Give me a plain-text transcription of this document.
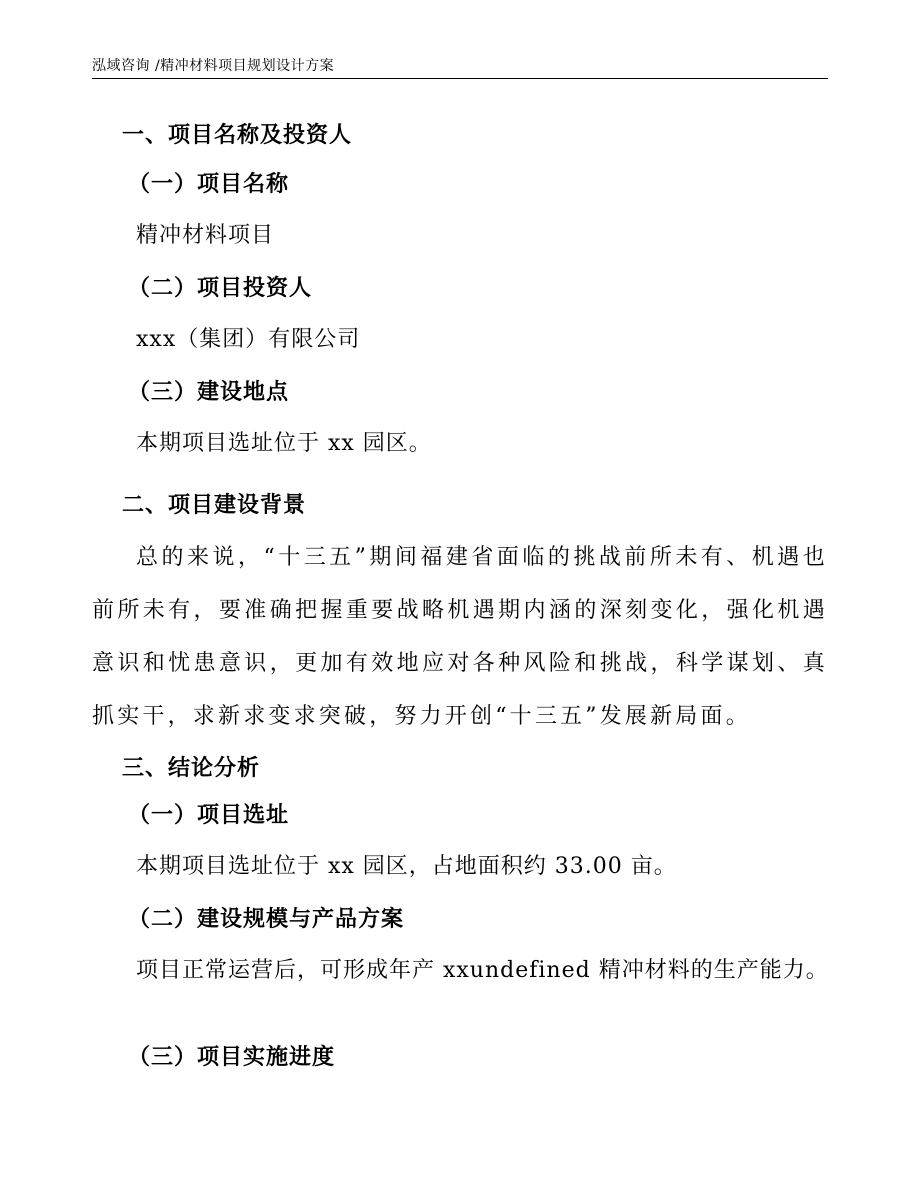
泓域咨询 /精冲材料项目规划设计方案
一、项目名称及投资人
（一）项目名称

精冲材料项目

（二）项目投资人

xxx（集团）有限公司

（三）建设地点

本期项目选址位于 xx 园区。

二、项目建设背景

总的来说，“十三五”期间福建省面临的挑战前所未有、机遇也前所未有，要准确把握重要战略机遇期内涵的深刻变化，强化机遇意识和忧患意识，更加有效地应对各种风险和挑战，科学谋划、真抓实干，求新求变求突破，努力开创“十三五”发展新局面。

三、结论分析
（一）项目选址

本期项目选址位于 xx 园区，占地面积约 33.00 亩。

（二）建设规模与产品方案

项目正常运营后，可形成年产 xxundefined 精冲材料的生产能力。

（三）项目实施进度
